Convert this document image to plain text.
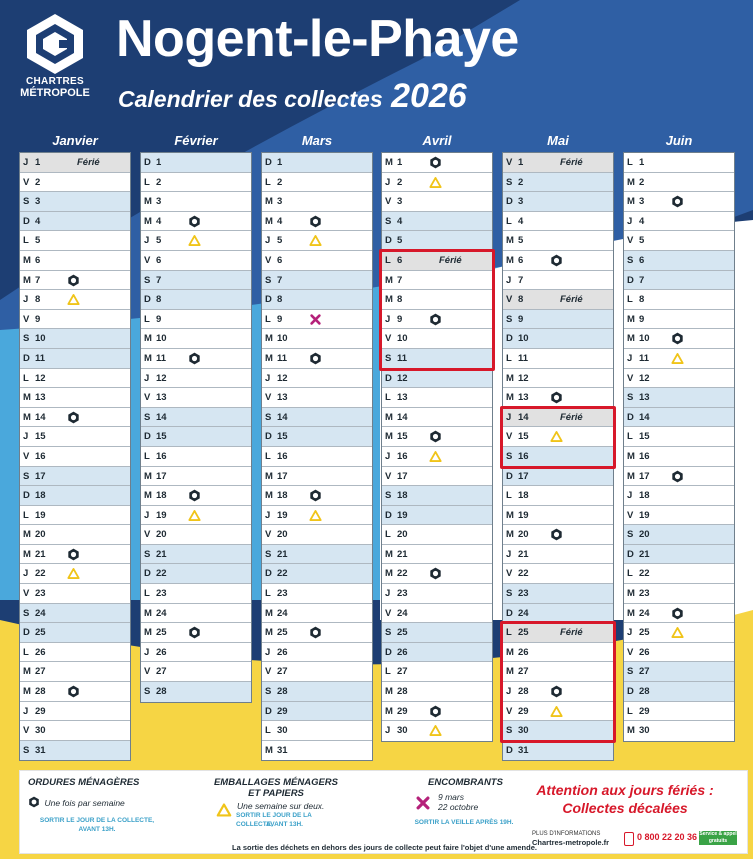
CHARTRES
MÉTROPOLE
Nogent-le-Phaye
Calendrier des collectes 2026
Janvier
J 1	Férié
V 2
S 3
D 4
L 5
M 6
M 7
J 8
V 9
S 10
D 11
L 12
M 13
M 14
J 15
V 16
S 17
D 18
L 19
M 20
M 21
J 22
V 23
S 24
D 25
L 26
M 27
M 28
J 29
V 30
S 31
Février
D 1
L 2
M 3
M 4
J 5
V 6
S 7
D 8
L 9
M 10
M 11
J 12
V 13
S 14
D 15
L 16
M 17
M 18
J 19
V 20
S 21
D 22
L 23
M 24
M 25
J 26
V 27
S 28
Mars
D 1
L 2
M 3
M 4
J 5
V 6
S 7
D 8
L 9
M 10
M 11
J 12
V 13
S 14
D 15
L 16
M 17
M 18
J 19
V 20
S 21
D 22
L 23
M 24
M 25
J 26
V 27
S 28
D 29
L 30
M 31
Avril
M 1
J 2
V 3
S 4
D 5
L 6	Férié
M 7
M 8
J 9
V 10
S 11
D 12
L 13
M 14
M 15
J 16
V 17
S 18
D 19
L 20
M 21
M 22
J 23
V 24
S 25
D 26
L 27
M 28
M 29
J 30
Mai
V 1	Férié
S 2
D 3
L 4
M 5
M 6
J 7
V 8	Férié
S 9
D 10
L 11
M 12
M 13
J 14	Férié
V 15
S 16
D 17
L 18
M 19
M 20
J 21
V 22
S 23
D 24
L 25	Férié
M 26
M 27
J 28
V 29
S 30
D 31
Juin
L 1
M 2
M 3
J 4
V 5
S 6
D 7
L 8
M 9
M 10
J 11
V 12
S 13
D 14
L 15
M 16
M 17
J 18
V 19
S 20
D 21
L 22
M 23
M 24
J 25
V 26
S 27
D 28
L 29
M 30
ORDURES MÉNAGÈRES
Une fois par semaine
SORTIR LE JOUR DE LA COLLECTE,
AVANT 13H.
EMBALLAGES MÉNAGERS
ET PAPIERS
Une semaine sur deux.
SORTIR LE JOUR DE LA COLLECTE,
AVANT 13H.
ENCOMBRANTS
9 mars
22 octobre
SORTIR LA VEILLE APRÈS 19H.
Attention aux jours fériés :
Collectes décalées
PLUS D'INFORMATIONS
Chartres-metropole.fr
0 800 22 20 36 Service & appel gratuits
La sortie des déchets en dehors des jours de collecte peut faire l'objet d'une amende.
